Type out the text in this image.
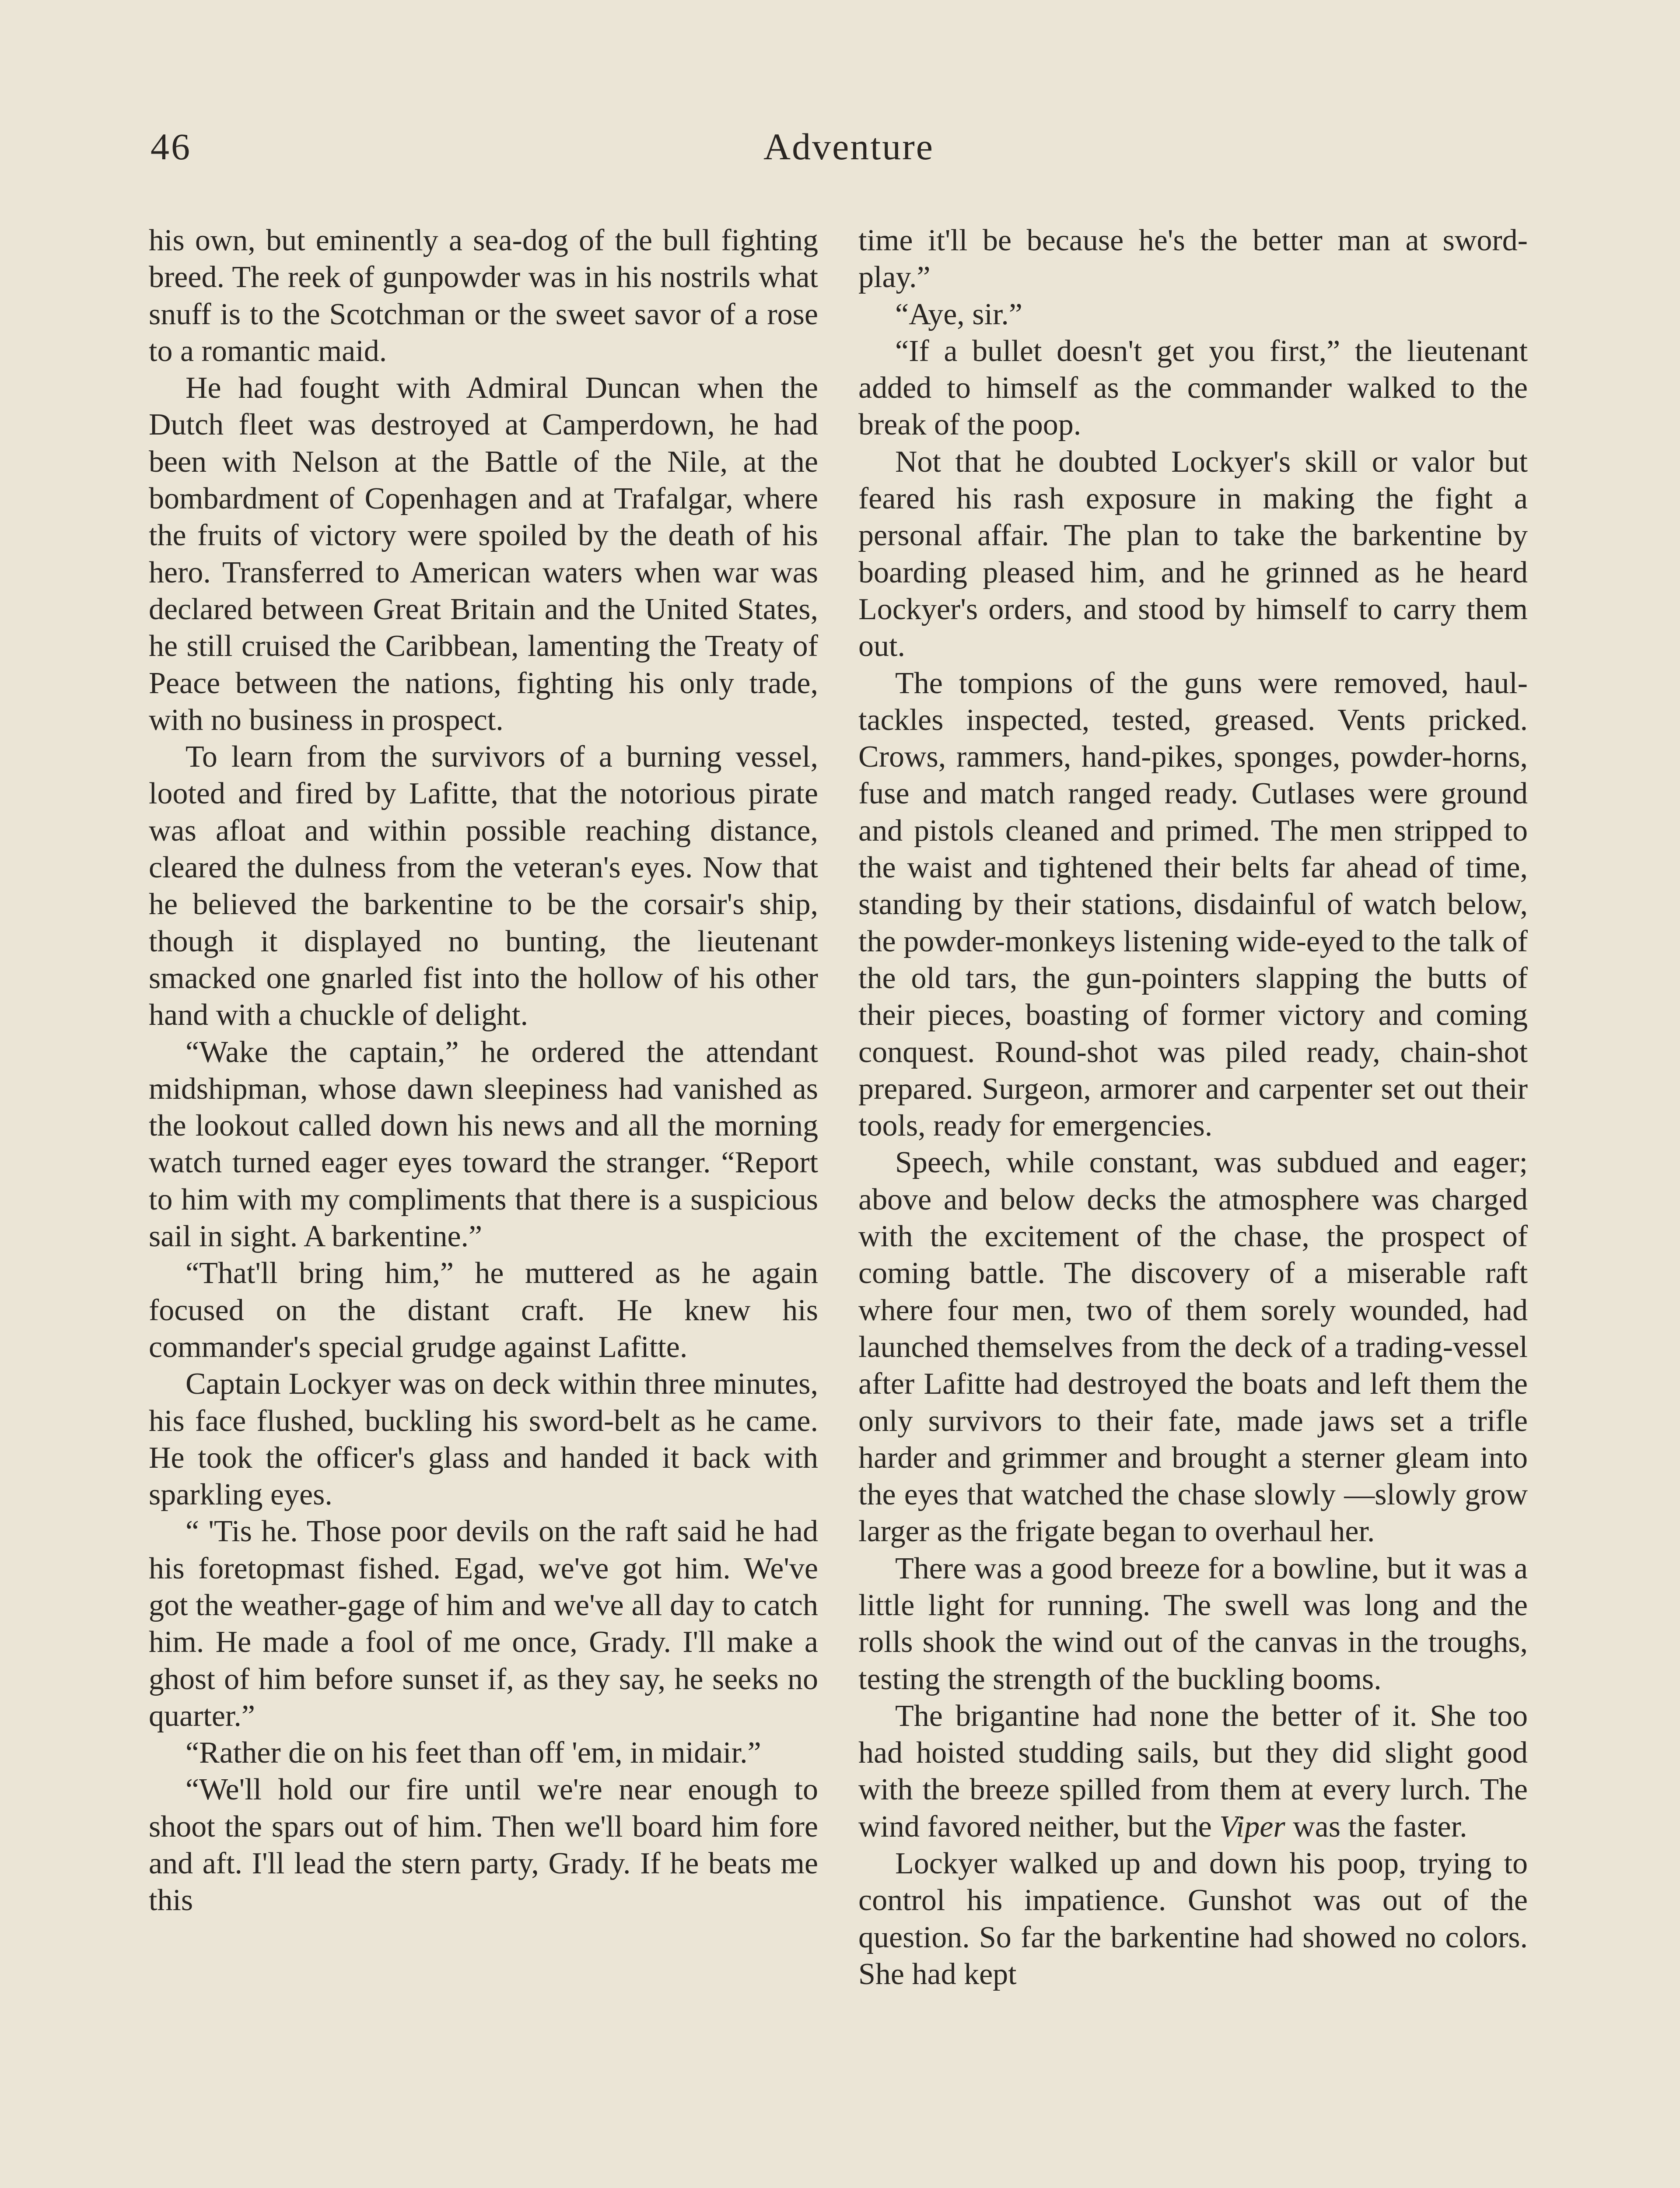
46	Adventure

his own, but eminently a sea-dog of the bull fighting breed. The reek of gunpowder was in his nostrils what snuff is to the Scotchman or the sweet savor of a rose to a romantic maid.

He had fought with Admiral Duncan when the Dutch fleet was destroyed at Camperdown, he had been with Nelson at the Battle of the Nile, at the bombardment of Copenhagen and at Trafalgar, where the fruits of victory were spoiled by the death of his hero. Transferred to American waters when war was declared between Great Britain and the United States, he still cruised the Caribbean, lamenting the Treaty of Peace between the nations, fighting his only trade, with no business in prospect.

To learn from the survivors of a burning vessel, looted and fired by Lafitte, that the notorious pirate was afloat and within possible reaching distance, cleared the dulness from the veteran's eyes. Now that he believed the barkentine to be the corsair's ship, though it displayed no bunting, the lieutenant smacked one gnarled fist into the hollow of his other hand with a chuckle of delight.

“Wake the captain,” he ordered the attendant midshipman, whose dawn sleepiness had vanished as the lookout called down his news and all the morning watch turned eager eyes toward the stranger. “Report to him with my compliments that there is a suspicious sail in sight. A barkentine.”

“That'll bring him,” he muttered as he again focused on the distant craft. He knew his commander's special grudge against Lafitte.

Captain Lockyer was on deck within three minutes, his face flushed, buckling his sword-belt as he came. He took the officer's glass and handed it back with sparkling eyes.

“ 'Tis he. Those poor devils on the raft said he had his foretopmast fished. Egad, we've got him. We've got the weather-gage of him and we've all day to catch him. He made a fool of me once, Grady. I'll make a ghost of him before sunset if, as they say, he seeks no quarter.”

“Rather die on his feet than off 'em, in midair.”

“We'll hold our fire until we're near enough to shoot the spars out of him. Then we'll board him fore and aft. I'll lead the stern party, Grady. If he beats me this

time it'll be because he's the better man at sword-play.”

“Aye, sir.”

“If a bullet doesn't get you first,” the lieutenant added to himself as the commander walked to the break of the poop.

Not that he doubted Lockyer's skill or valor but feared his rash exposure in making the fight a personal affair. The plan to take the barkentine by boarding pleased him, and he grinned as he heard Lockyer's orders, and stood by himself to carry them out.

The tompions of the guns were removed, haul-tackles inspected, tested, greased. Vents pricked. Crows, rammers, hand-pikes, sponges, powder-horns, fuse and match ranged ready. Cutlases were ground and pistols cleaned and primed. The men stripped to the waist and tightened their belts far ahead of time, standing by their stations, disdainful of watch below, the powder-monkeys listening wide-eyed to the talk of the old tars, the gun-pointers slapping the butts of their pieces, boasting of former victory and coming conquest. Round-shot was piled ready, chain-shot prepared. Surgeon, armorer and carpenter set out their tools, ready for emergencies.

Speech, while constant, was subdued and eager; above and below decks the atmosphere was charged with the excitement of the chase, the prospect of coming battle. The discovery of a miserable raft where four men, two of them sorely wounded, had launched themselves from the deck of a trading-vessel after Lafitte had destroyed the boats and left them the only survivors to their fate, made jaws set a trifle harder and grimmer and brought a sterner gleam into the eyes that watched the chase slowly —slowly grow larger as the frigate began to overhaul her.

There was a good breeze for a bowline, but it was a little light for running. The swell was long and the rolls shook the wind out of the canvas in the troughs, testing the strength of the buckling booms.

The brigantine had none the better of it. She too had hoisted studding sails, but they did slight good with the breeze spilled from them at every lurch. The wind favored neither, but the Viper was the faster.

Lockyer walked up and down his poop, trying to control his impatience. Gunshot was out of the question. So far the barkentine had showed no colors. She had kept
